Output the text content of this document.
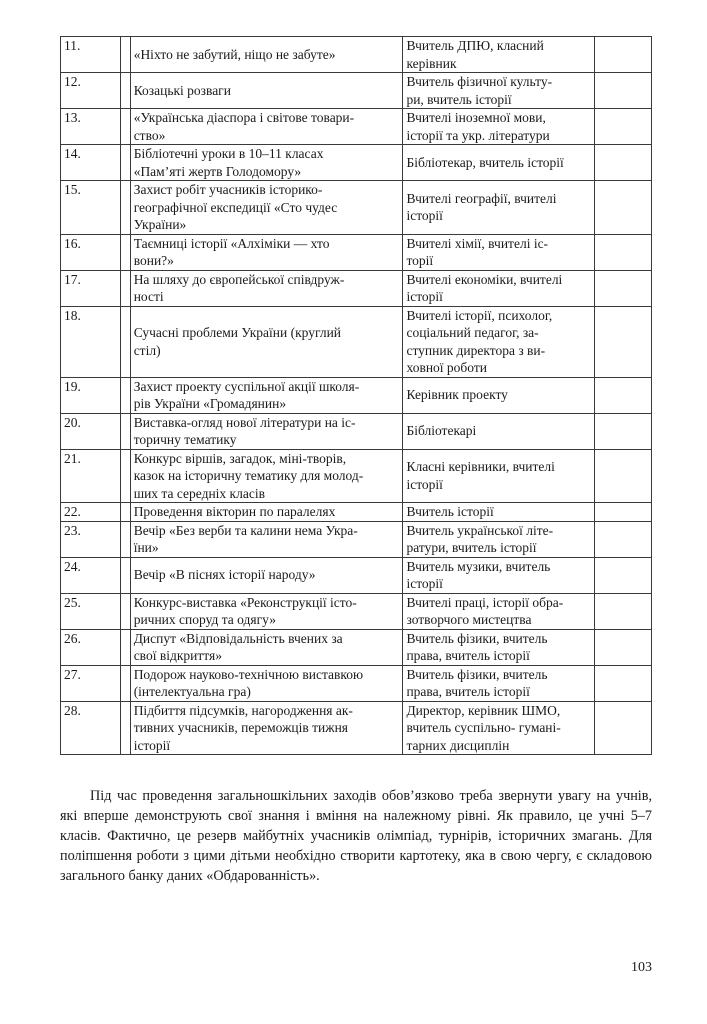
11.		«Ніхто не забутий, ніщо не забуте»	Вчитель ДПЮ, класний
керівник	

12.		Козацькі розваги	Вчитель фізичної культу-
ри, вчитель історії	

13.		«Українська діаспора і світове товари-
ство»	Вчителі іноземної мови,
історії та укр. літератури	

14.		Бібліотечні уроки в 10–11 класах
«Пам’яті жертв Голодомору»	Бібліотекар, вчитель історії	

15.		Захист робіт учасників історико-
географічної експедиції «Сто чудес
України»	Вчителі географії, вчителі
історії	

16.		Таємниці історії «Алхіміки — хто
вони?»	Вчителі хімії, вчителі іс-
торії	

17.		На шляху до європейської співдруж-
ності	Вчителі економіки, вчителі
історії	

18.		Сучасні проблеми України (круглий
стіл)	Вчителі історії, психолог,
соціальний педагог, за-
ступник директора з ви-
ховної роботи	

19.		Захист проекту суспільної акції школя-
рів України «Громадянин»	Керівник проекту	

20.		Виставка-огляд нової літератури на іс-
торичну тематику	Бібліотекарі	

21.		Конкурс віршів, загадок, міні-творів,
казок на історичну тематику для молод-
ших та середніх класів	Класні керівники, вчителі
історії	

22.		Проведення вікторин по паралелях	Вчитель історії	

23.		Вечір «Без верби та калини нема Укра-
їни»	Вчитель української літе-
ратури, вчитель історії	

24.		Вечір «В піснях історії народу»	Вчитель музики, вчитель
історії	

25.		Конкурс-виставка «Реконструкції істо-
ричних споруд та одягу»	Вчителі праці, історії обра-
зотворчого мистецтва	

26.		Диспут «Відповідальність вчених за
свої відкриття»	Вчитель фізики, вчитель
права, вчитель історії	

27.		Подорож науково-технічною виставкою
(інтелектуальна гра)	Вчитель фізики, вчитель
права, вчитель історії	

28.		Підбиття підсумків, нагородження ак-
тивних учасників, переможців тижня
історії	Директор, керівник ШМО,
вчитель суспільно- гуманi-
тарних дисциплін	

Під час проведення загальношкільних заходів обов’язково треба звернути увагу на учнів, які вперше демонструють свої знання і вміння на належному рівні. Як правило, це учні 5–7 класів. Фактично, це резерв майбутніх учасників олімпіад, турнірів, історичних змагань. Для поліпшення роботи з цими дітьми необхідно створити картотеку, яка в свою чергу, є складовою загального банку даних «Обдарованність».

103
